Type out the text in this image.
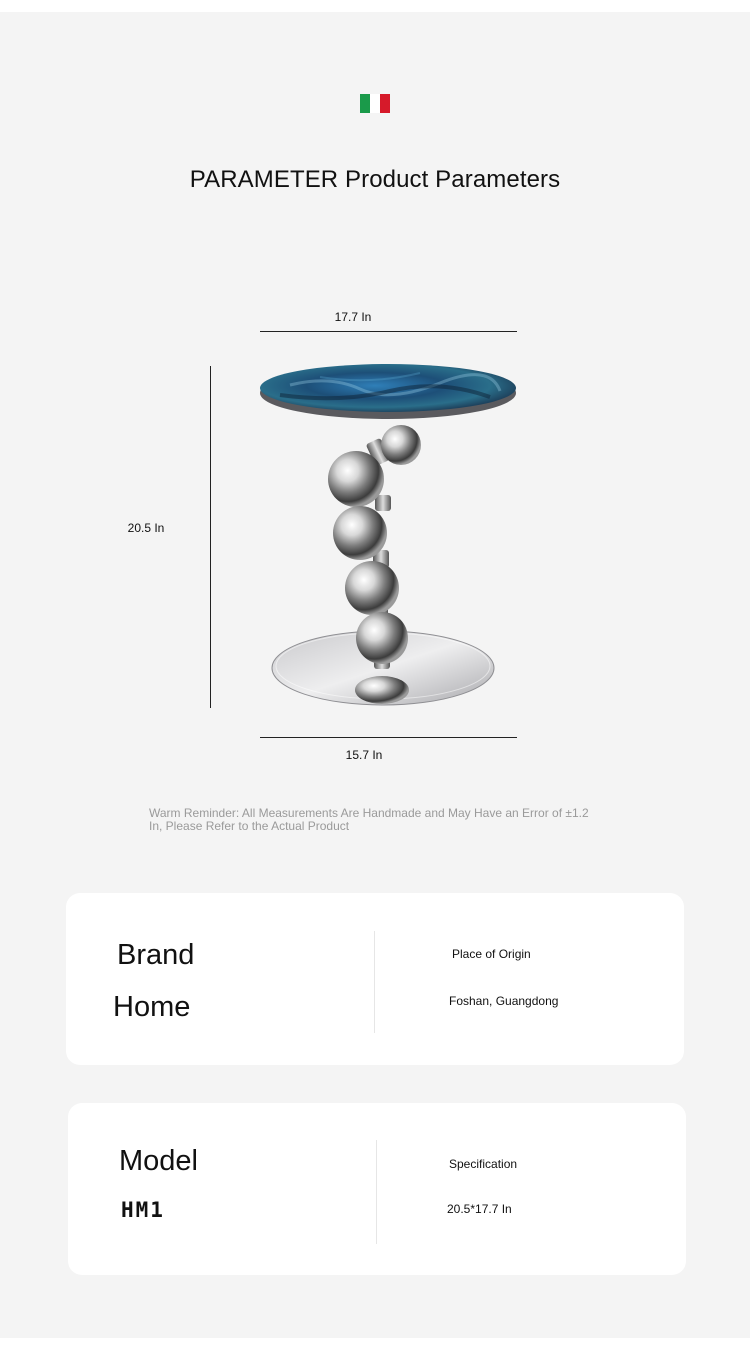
PARAMETER Product Parameters
17.7 In
20.5 In
15.7 In
Warm Reminder: All Measurements Are Handmade and May Have an Error of ±1.2 In, Please Refer to the Actual Product
Brand
Home
Place of Origin
Foshan, Guangdong
Model
HM1
Specification
20.5*17.7 In
